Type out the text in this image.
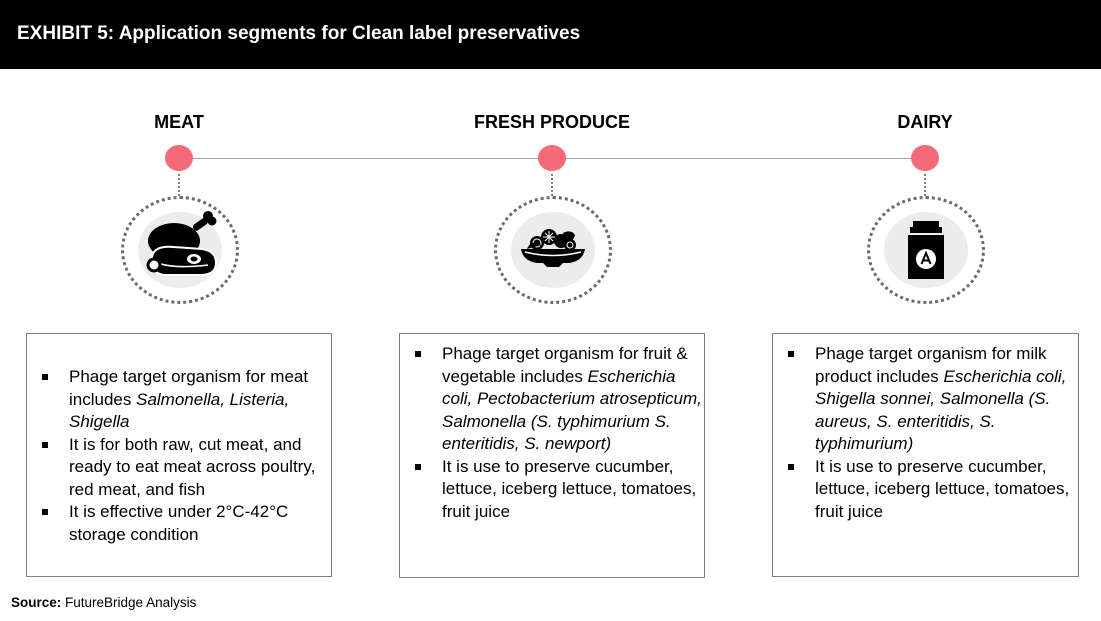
EXHIBIT 5: Application segments for Clean label preservatives
MEAT	FRESH PRODUCE	DAIRY
Phage target organism for meat includes Salmonella, Listeria, Shigella
It is for both raw, cut meat, and ready to eat meat across poultry, red meat, and fish
It is effective under 2°C-42°C storage condition
Phage target organism for fruit & vegetable includes Escherichia coli, Pectobacterium atrosepticum, Salmonella (S. typhimurium S. enteritidis, S. newport)
It is use to preserve cucumber, lettuce, iceberg lettuce, tomatoes, fruit juice
Phage target organism for milk product includes Escherichia coli, Shigella sonnei, Salmonella (S. aureus, S. enteritidis, S. typhimurium)
It is use to preserve cucumber, lettuce, iceberg lettuce, tomatoes, fruit juice
Source: FutureBridge Analysis
